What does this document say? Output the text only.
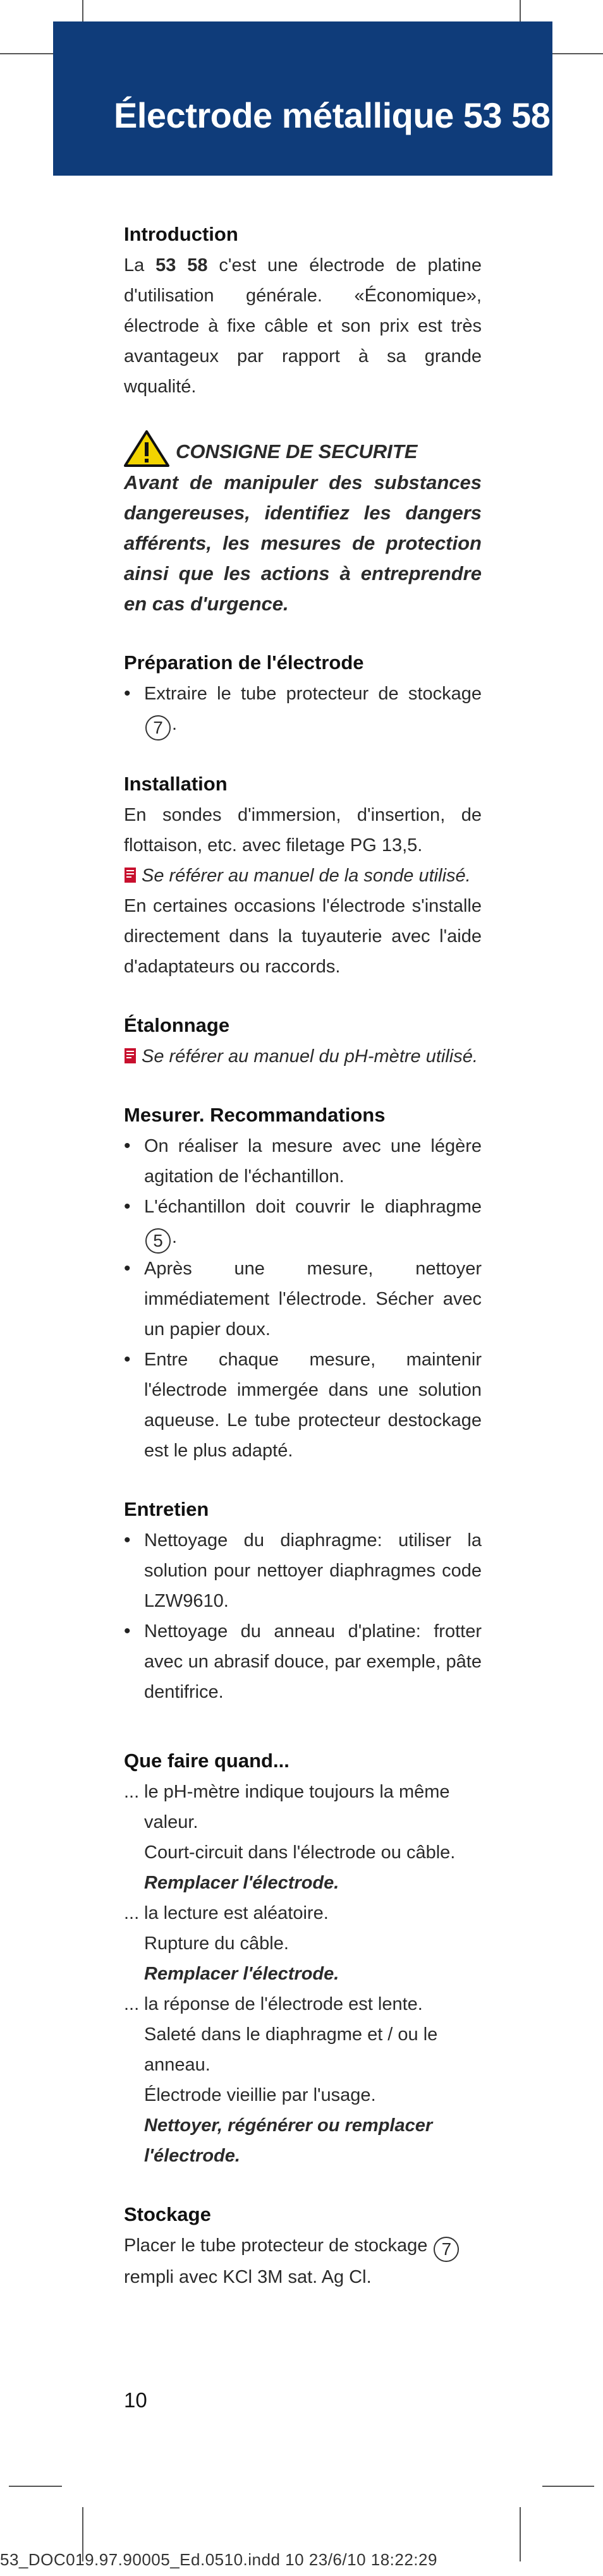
Électrode métallique 53 58
Introduction
La 53 58 c'est une électrode de platine d'utilisation générale. «Économique», électrode à fixe câble et son prix est très avantageux par rapport à sa grande wqualité.
CONSIGNE DE SECURITE
Avant de manipuler des substances dangereuses, identifiez les dangers afférents, les mesures de protection ainsi que les actions à entreprendre en cas d'urgence.
Préparation de l'électrode
• Extraire le tube protecteur de stockage 7 .
Installation
En sondes d'immersion, d'insertion, de flottaison, etc. avec filetage PG 13,5.
Se référer au manuel de la sonde utilisé.
En certaines occasions l'électrode s'installe directement dans la tuyauterie avec l'aide d'adaptateurs ou raccords.
Étalonnage
Se référer au manuel du pH-mètre utilisé.
Mesurer. Recommandations
• On réaliser la mesure avec une légère agitation de l'échantillon.
• L'échantillon doit couvrir le diaphragme 5 .
• Après une mesure, nettoyer immédiatement l'électrode. Sécher avec un papier doux.
• Entre chaque mesure, maintenir l'électrode immergée dans une solution aqueuse. Le tube protecteur destockage est le plus adapté.
Entretien
• Nettoyage du diaphragme: utiliser la solution pour nettoyer diaphragmes code LZW9610.
• Nettoyage du anneau d'platine: frotter avec un abrasif douce, par exemple, pâte dentifrice.
Que faire quand...
... le pH-mètre indique toujours la même valeur.
Court-circuit dans l'électrode ou câble.
Remplacer l'électrode.
... la lecture est aléatoire.
Rupture du câble.
Remplacer l'électrode.
... la réponse de l'électrode est lente.
Saleté dans le diaphragme et / ou le anneau.
Électrode vieillie par l'usage.
Nettoyer, régénérer ou remplacer l'électrode.
Stockage
Placer le tube protecteur de stockage 7
rempli avec KCl 3M sat. Ag Cl.
10
53_DOC019.97.90005_Ed.0510.indd 10 23/6/10 18:22:29
